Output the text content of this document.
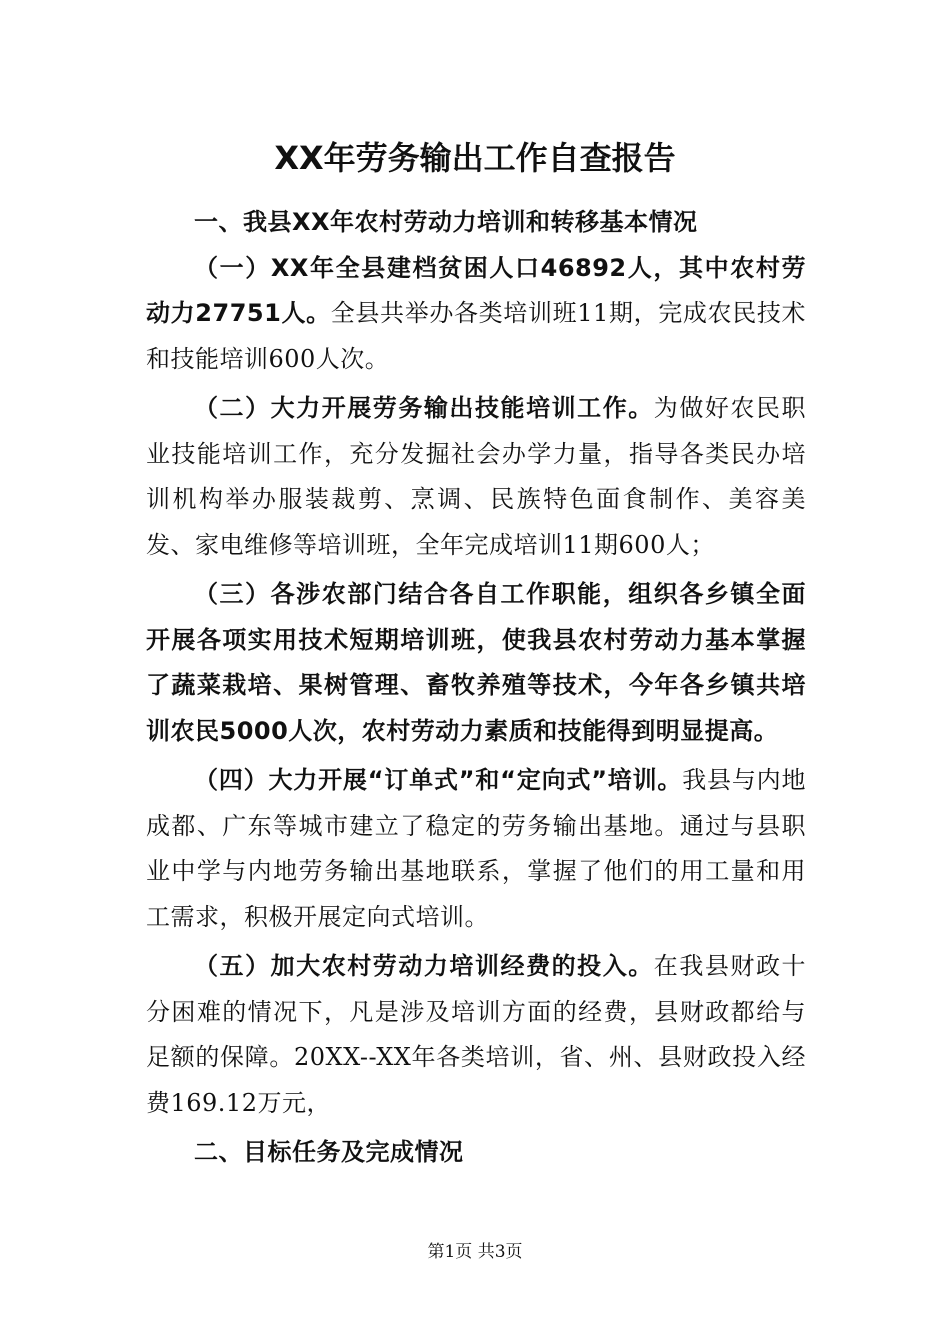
XX年劳务输出工作自查报告

一、我县XX年农村劳动力培训和转移基本情况

（一）XX年全县建档贫困人口46892人，其中农村劳动力27751人。全县共举办各类培训班11期，完成农民技术和技能培训600人次。

（二）大力开展劳务输出技能培训工作。为做好农民职业技能培训工作，充分发掘社会办学力量，指导各类民办培训机构举办服装裁剪、烹调、民族特色面食制作、美容美发、家电维修等培训班，全年完成培训11期600人；

（三）各涉农部门结合各自工作职能，组织各乡镇全面开展各项实用技术短期培训班，使我县农村劳动力基本掌握了蔬菜栽培、果树管理、畜牧养殖等技术，今年各乡镇共培训农民5000人次，农村劳动力素质和技能得到明显提高。

（四）大力开展“订单式”和“定向式”培训。我县与内地成都、广东等城市建立了稳定的劳务输出基地。通过与县职业中学与内地劳务输出基地联系，掌握了他们的用工量和用工需求，积极开展定向式培训。

（五）加大农村劳动力培训经费的投入。在我县财政十分困难的情况下，凡是涉及培训方面的经费，县财政都给与足额的保障。20XX--XX年各类培训，省、州、县财政投入经费169.12万元，

二、目标任务及完成情况

第1页 共3页
